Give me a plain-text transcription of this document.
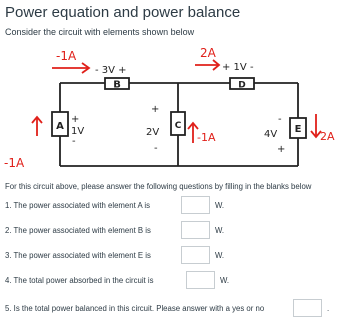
Power equation and power balance
Consider the circuit with elements shown below
B	D
A	C	E
-1A
- 3V +
2A
+ 1V -
+
1V
-
+
2V
-
-1A
-
4V
+
2A
-1A
For this circuit above, please answer the following questions by filling in the blanks below
1. The power associated with element A is	W.
2. The power associated with element B is	W.
3. The power associated with element E is	W.
4. The total power absorbed in the circuit is	W.
5. Is the total power balanced in this circuit. Please answer with a yes or no	.
